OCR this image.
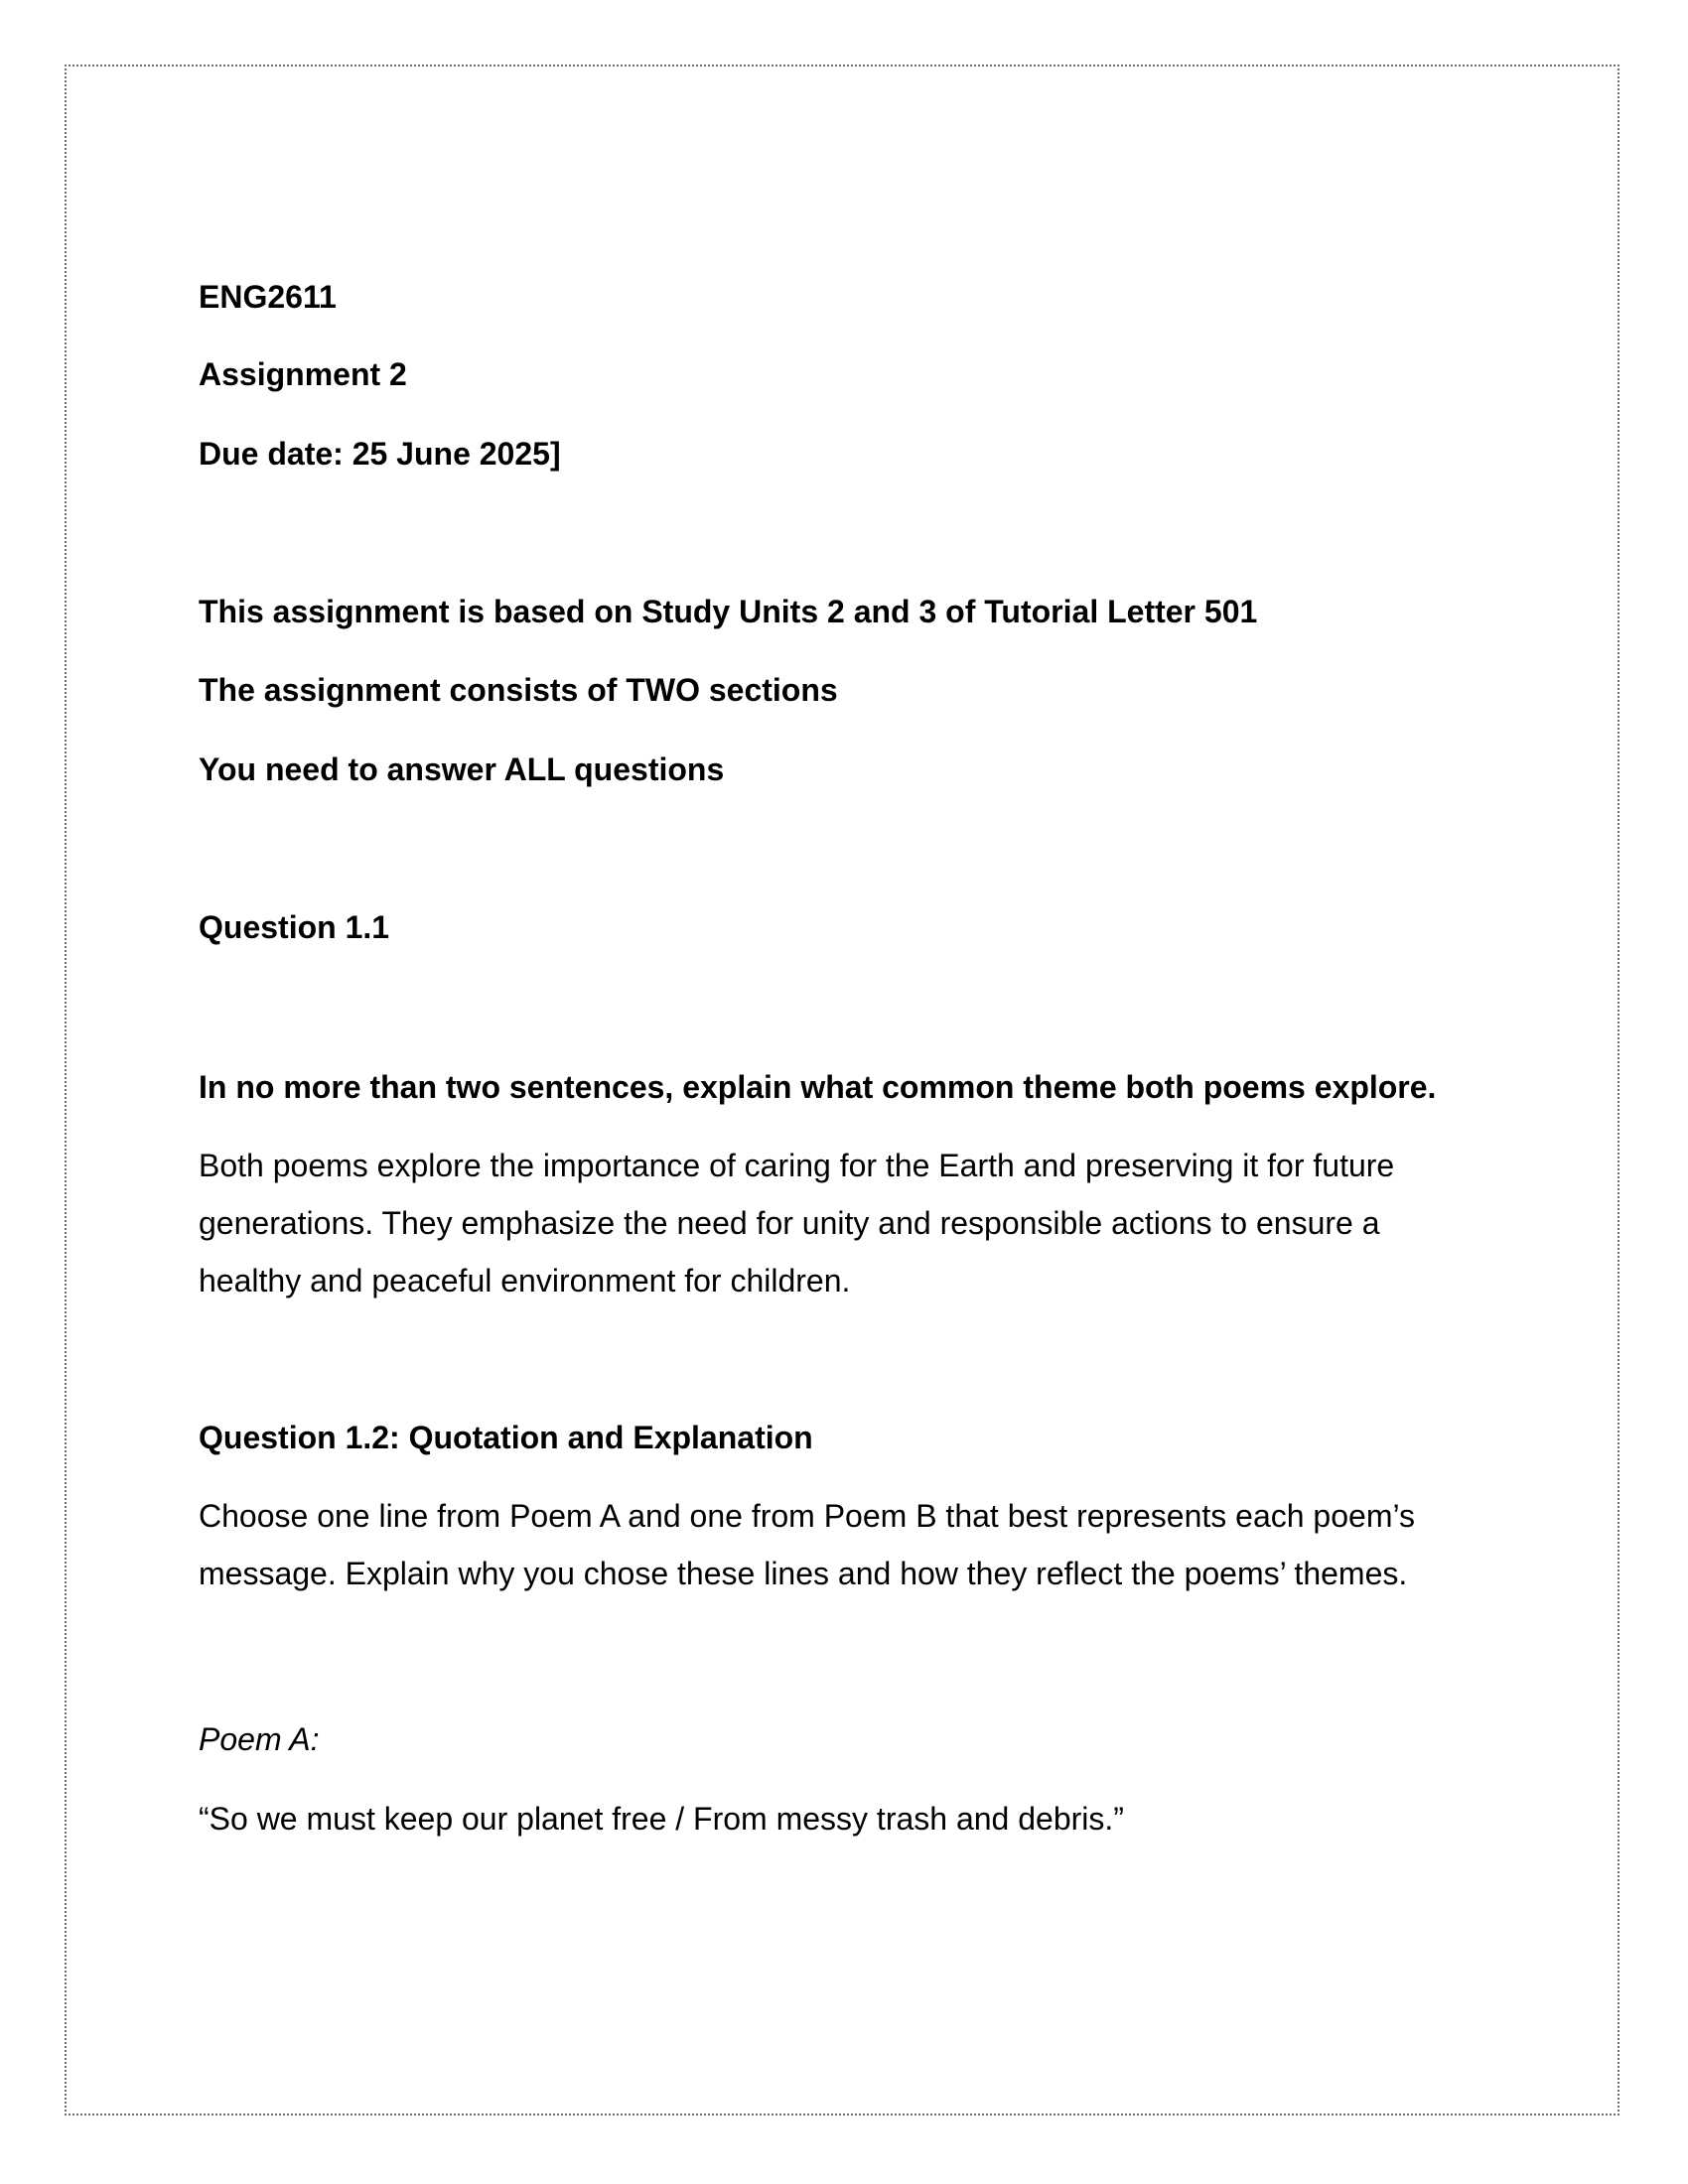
ENG2611

Assignment 2

Due date: 25 June 2025]

This assignment is based on Study Units 2 and 3 of Tutorial Letter 501

The assignment consists of TWO sections

You need to answer ALL questions

Question 1.1

In no more than two sentences, explain what common theme both poems explore.

Both poems explore the importance of caring for the Earth and preserving it for future
generations. They emphasize the need for unity and responsible actions to ensure a
healthy and peaceful environment for children.

Question 1.2: Quotation and Explanation

Choose one line from Poem A and one from Poem B that best represents each poem’s
message. Explain why you chose these lines and how they reflect the poems’ themes.

Poem A:

“So we must keep our planet free / From messy trash and debris.”
